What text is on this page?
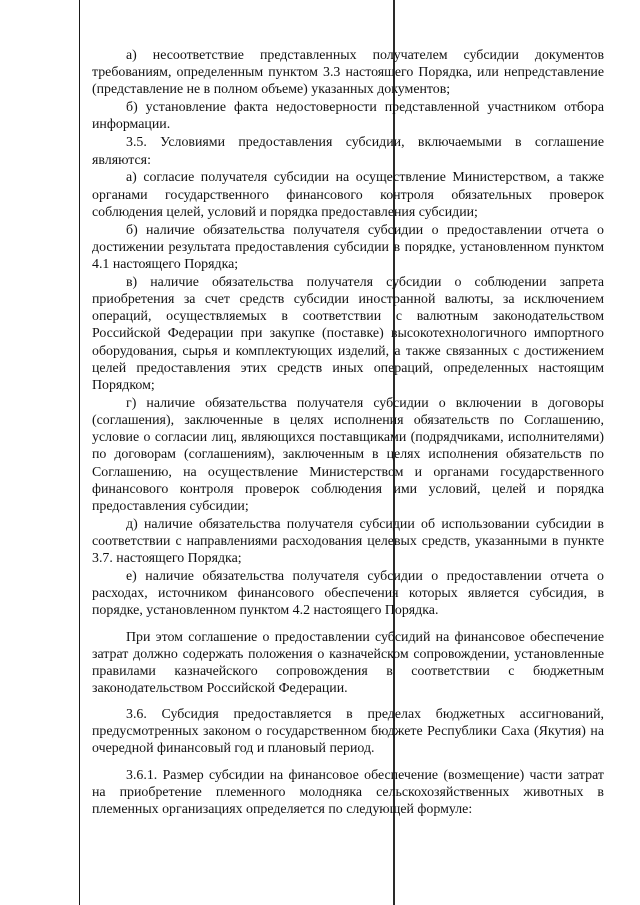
а) несоответствие представленных получателем субсидии документов требованиям, определенным пунктом 3.3 настоящего Порядка, или непредставление (представление не в полном объеме) указанных документов;

б) установление факта недостоверности представленной участником отбора информации.

3.5. Условиями предоставления субсидии, включаемыми в соглашение являются:

а) согласие получателя субсидии на осуществление Министерством, а также органами государственного финансового контроля обязательных проверок соблюдения целей, условий и порядка предоставления субсидии;

б) наличие обязательства получателя субсидии о предоставлении отчета о достижении результата предоставления субсидии в порядке, установленном пунктом 4.1 настоящего Порядка;

в) наличие обязательства получателя субсидии о соблюдении запрета приобретения за счет средств субсидии иностранной валюты, за исключением операций, осуществляемых в соответствии с валютным законодательством Российской Федерации при закупке (поставке) высокотехнологичного импортного оборудования, сырья и комплектующих изделий, а также связанных с достижением целей предоставления этих средств иных операций, определенных настоящим Порядком;

г) наличие обязательства получателя субсидии о включении в договоры (соглашения), заключенные в целях исполнения обязательств по Соглашению, условие о согласии лиц, являющихся поставщиками (подрядчиками, исполнителями) по договорам (соглашениям), заключенным в целях исполнения обязательств по Соглашению, на осуществление Министерством и органами государственного финансового контроля проверок соблюдения ими условий, целей и порядка предоставления субсидии;

д) наличие обязательства получателя субсидии об использовании субсидии в соответствии с направлениями расходования целевых средств, указанными в пункте 3.7. настоящего Порядка;

е) наличие обязательства получателя субсидии о предоставлении отчета о расходах, источником финансового обеспечения которых является субсидия, в порядке, установленном пунктом 4.2 настоящего Порядка.

При этом соглашение о предоставлении субсидий на финансовое обеспечение затрат должно содержать положения о казначейском сопровождении, установленные правилами казначейского сопровождения в соответствии с бюджетным законодательством Российской Федерации.

3.6. Субсидия предоставляется в пределах бюджетных ассигнований, предусмотренных законом о государственном бюджете Республики Саха (Якутия) на очередной финансовый год и плановый период.

3.6.1. Размер субсидии на финансовое обеспечение (возмещение) части затрат на приобретение племенного молодняка сельскохозяйственных животных в племенных организациях определяется по следующей формуле:
